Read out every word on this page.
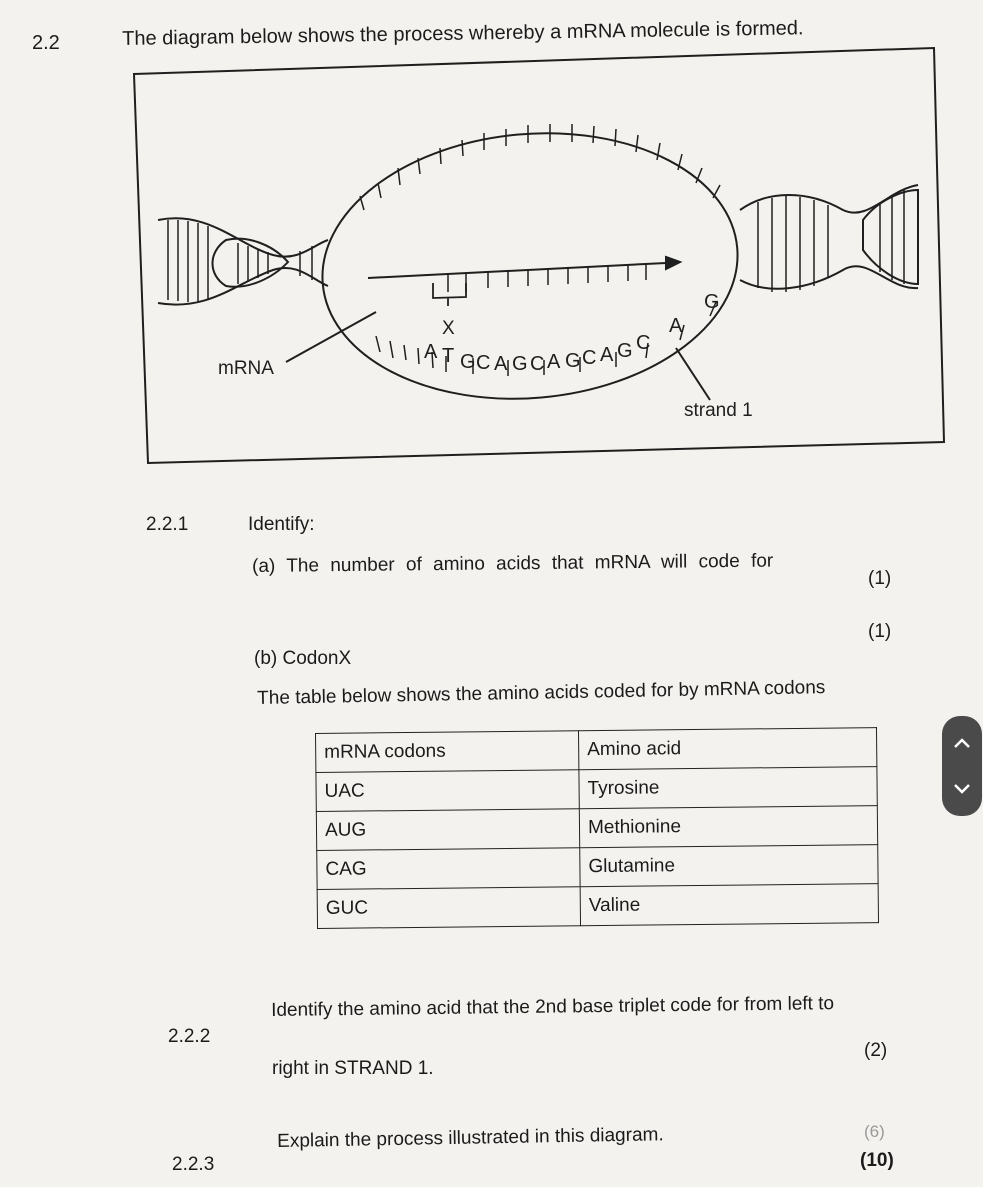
2.2	The diagram below shows the process whereby a mRNA molecule is formed.
A T G C A G C A G C A G C
A
G
X
mRNA
strand 1
2.2.1	Identify:
(a) The number of amino acids that mRNA will code for
(1)
(1)
(b) CodonX
The table below shows the amino acids coded for by mRNA codons
mRNA codons	Amino acid
UAC	Tyrosine
AUG	Methionine
CAG	Glutamine
GUC	Valine
2.2.2
Identify the amino acid that the 2nd base triplet code for from left to
(2)
right in STRAND 1.
2.2.3
Explain the process illustrated in this diagram.	(6)
(10)
